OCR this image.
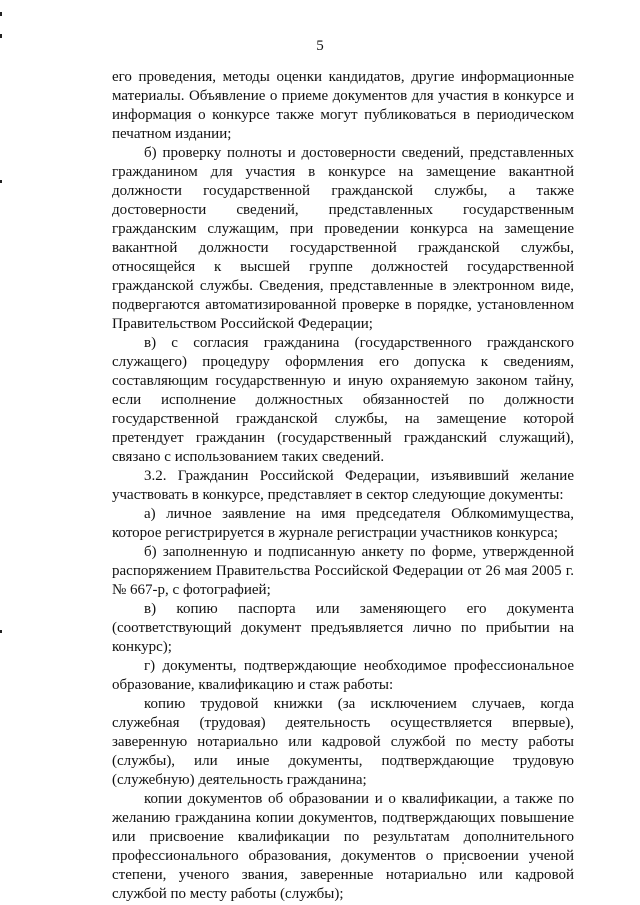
5

его проведения, методы оценки кандидатов, другие информационные материалы. Объявление о приеме документов для участия в конкурсе и информация о конкурсе также могут публиковаться в периодическом печатном издании;

б) проверку полноты и достоверности сведений, представленных гражданином для участия в конкурсе на замещение вакантной должности государственной гражданской службы, а также достоверности сведений, представленных государственным гражданским служащим, при проведении конкурса на замещение вакантной должности государственной гражданской службы, относящейся к высшей группе должностей государственной гражданской службы. Сведения, представленные в электронном виде, подвергаются автоматизированной проверке в порядке, установленном Правительством Российской Федерации;

в) с согласия гражданина (государственного гражданского служащего) процедуру оформления его допуска к сведениям, составляющим государственную и иную охраняемую законом тайну, если исполнение должностных обязанностей по должности государственной гражданской службы, на замещение которой претендует гражданин (государственный гражданский служащий), связано с использованием таких сведений.

3.2. Гражданин Российской Федерации, изъявивший желание участвовать в конкурсе, представляет в сектор следующие документы:

а) личное заявление на имя председателя Облкомимущества, которое регистрируется в журнале регистрации участников конкурса;

б) заполненную и подписанную анкету по форме, утвержденной распоряжением Правительства Российской Федерации от 26 мая 2005 г. № 667-р, с фотографией;

в) копию паспорта или заменяющего его документа (соответствующий документ предъявляется лично по прибытии на конкурс);

г) документы, подтверждающие необходимое профессиональное образование, квалификацию и стаж работы:

копию трудовой книжки (за исключением случаев, когда служебная (трудовая) деятельность осуществляется впервые), заверенную нотариально или кадровой службой по месту работы (службы), или иные документы, подтверждающие трудовую (служебную) деятельность гражданина;

копии документов об образовании и о квалификации, а также по желанию гражданина копии документов, подтверждающих повышение или присвоение квалификации по результатам дополнительного профессионального образования, документов о присвоении ученой степени, ученого звания, заверенные нотариально или кадровой службой по месту работы (службы);
